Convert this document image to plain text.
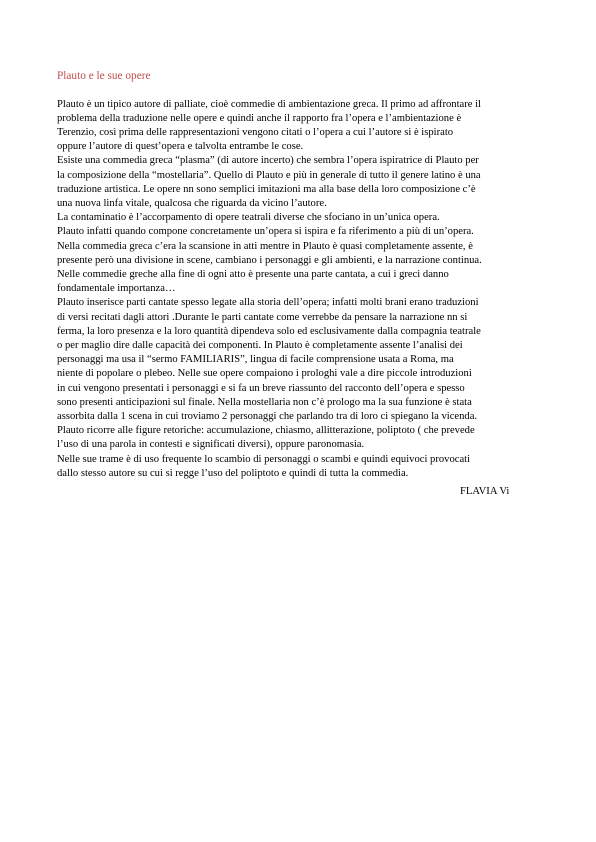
Plauto e le sue opere

Plauto è un tipico autore di palliate, cioè commedie di ambientazione greca. Il primo ad affrontare il

problema della traduzione nelle opere e quindi anche il rapporto fra l’opera e l’ambientazione è

Terenzio, così prima delle rappresentazioni vengono citati o l’opera a cui l’autore si è ispirato

oppure l’autore di quest’opera e talvolta entrambe le cose.

Esiste una commedia greca “plasma” (di autore incerto) che sembra l’opera ispiratrice di Plauto per

la composizione della “mostellaria”. Quello di Plauto e più in generale di tutto il genere latino è una

traduzione artistica. Le opere nn sono semplici imitazioni ma alla base della loro composizione c’è

una nuova linfa vitale, qualcosa che riguarda da vicino l’autore.

La contaminatio è l’accorpamento di opere teatrali diverse che sfociano in un’unica opera.

Plauto infatti quando compone concretamente un’opera si ispira e fa riferimento a più di un’opera.

Nella commedia greca c’era la scansione in atti mentre in Plauto è quasi completamente assente, è

presente però una divisione in scene, cambiano i personaggi e gli ambienti, e la narrazione continua.

Nelle commedie greche alla fine di ogni atto è presente una parte cantata, a cui i greci danno

fondamentale importanza…

Plauto inserisce parti cantate spesso legate alla storia dell’opera; infatti molti brani erano traduzioni

di versi recitati dagli attori .Durante le parti cantate come verrebbe da pensare la narrazione nn si

ferma, la loro presenza e la loro quantità dipendeva solo ed esclusivamente dalla compagnia teatrale

o per maglio dire dalle capacità dei componenti. In Plauto è completamente assente l’analisi dei

personaggi ma usa il “sermo FAMILIARIS”, lingua di facile comprensione usata a Roma, ma

niente di popolare o plebeo. Nelle sue opere compaiono i prologhi vale a dire piccole introduzioni

in cui vengono presentati i personaggi e si fa un breve riassunto del racconto dell’opera e spesso

sono presenti anticipazioni sul finale. Nella mostellaria non c’è prologo ma la sua funzione è stata

assorbita dalla 1 scena in cui troviamo 2 personaggi che parlando tra di loro ci spiegano la vicenda.

Plauto ricorre alle figure retoriche: accumulazione, chiasmo, allitterazione, poliptoto ( che prevede

l’uso di una parola in contesti e significati diversi), oppure paronomasia.

Nelle sue trame è di uso frequente lo scambio di personaggi o scambi e quindi equivoci provocati

dallo stesso autore su cui si regge l’uso del poliptoto e quindi di tutta la commedia.

FLAVIA Vi
